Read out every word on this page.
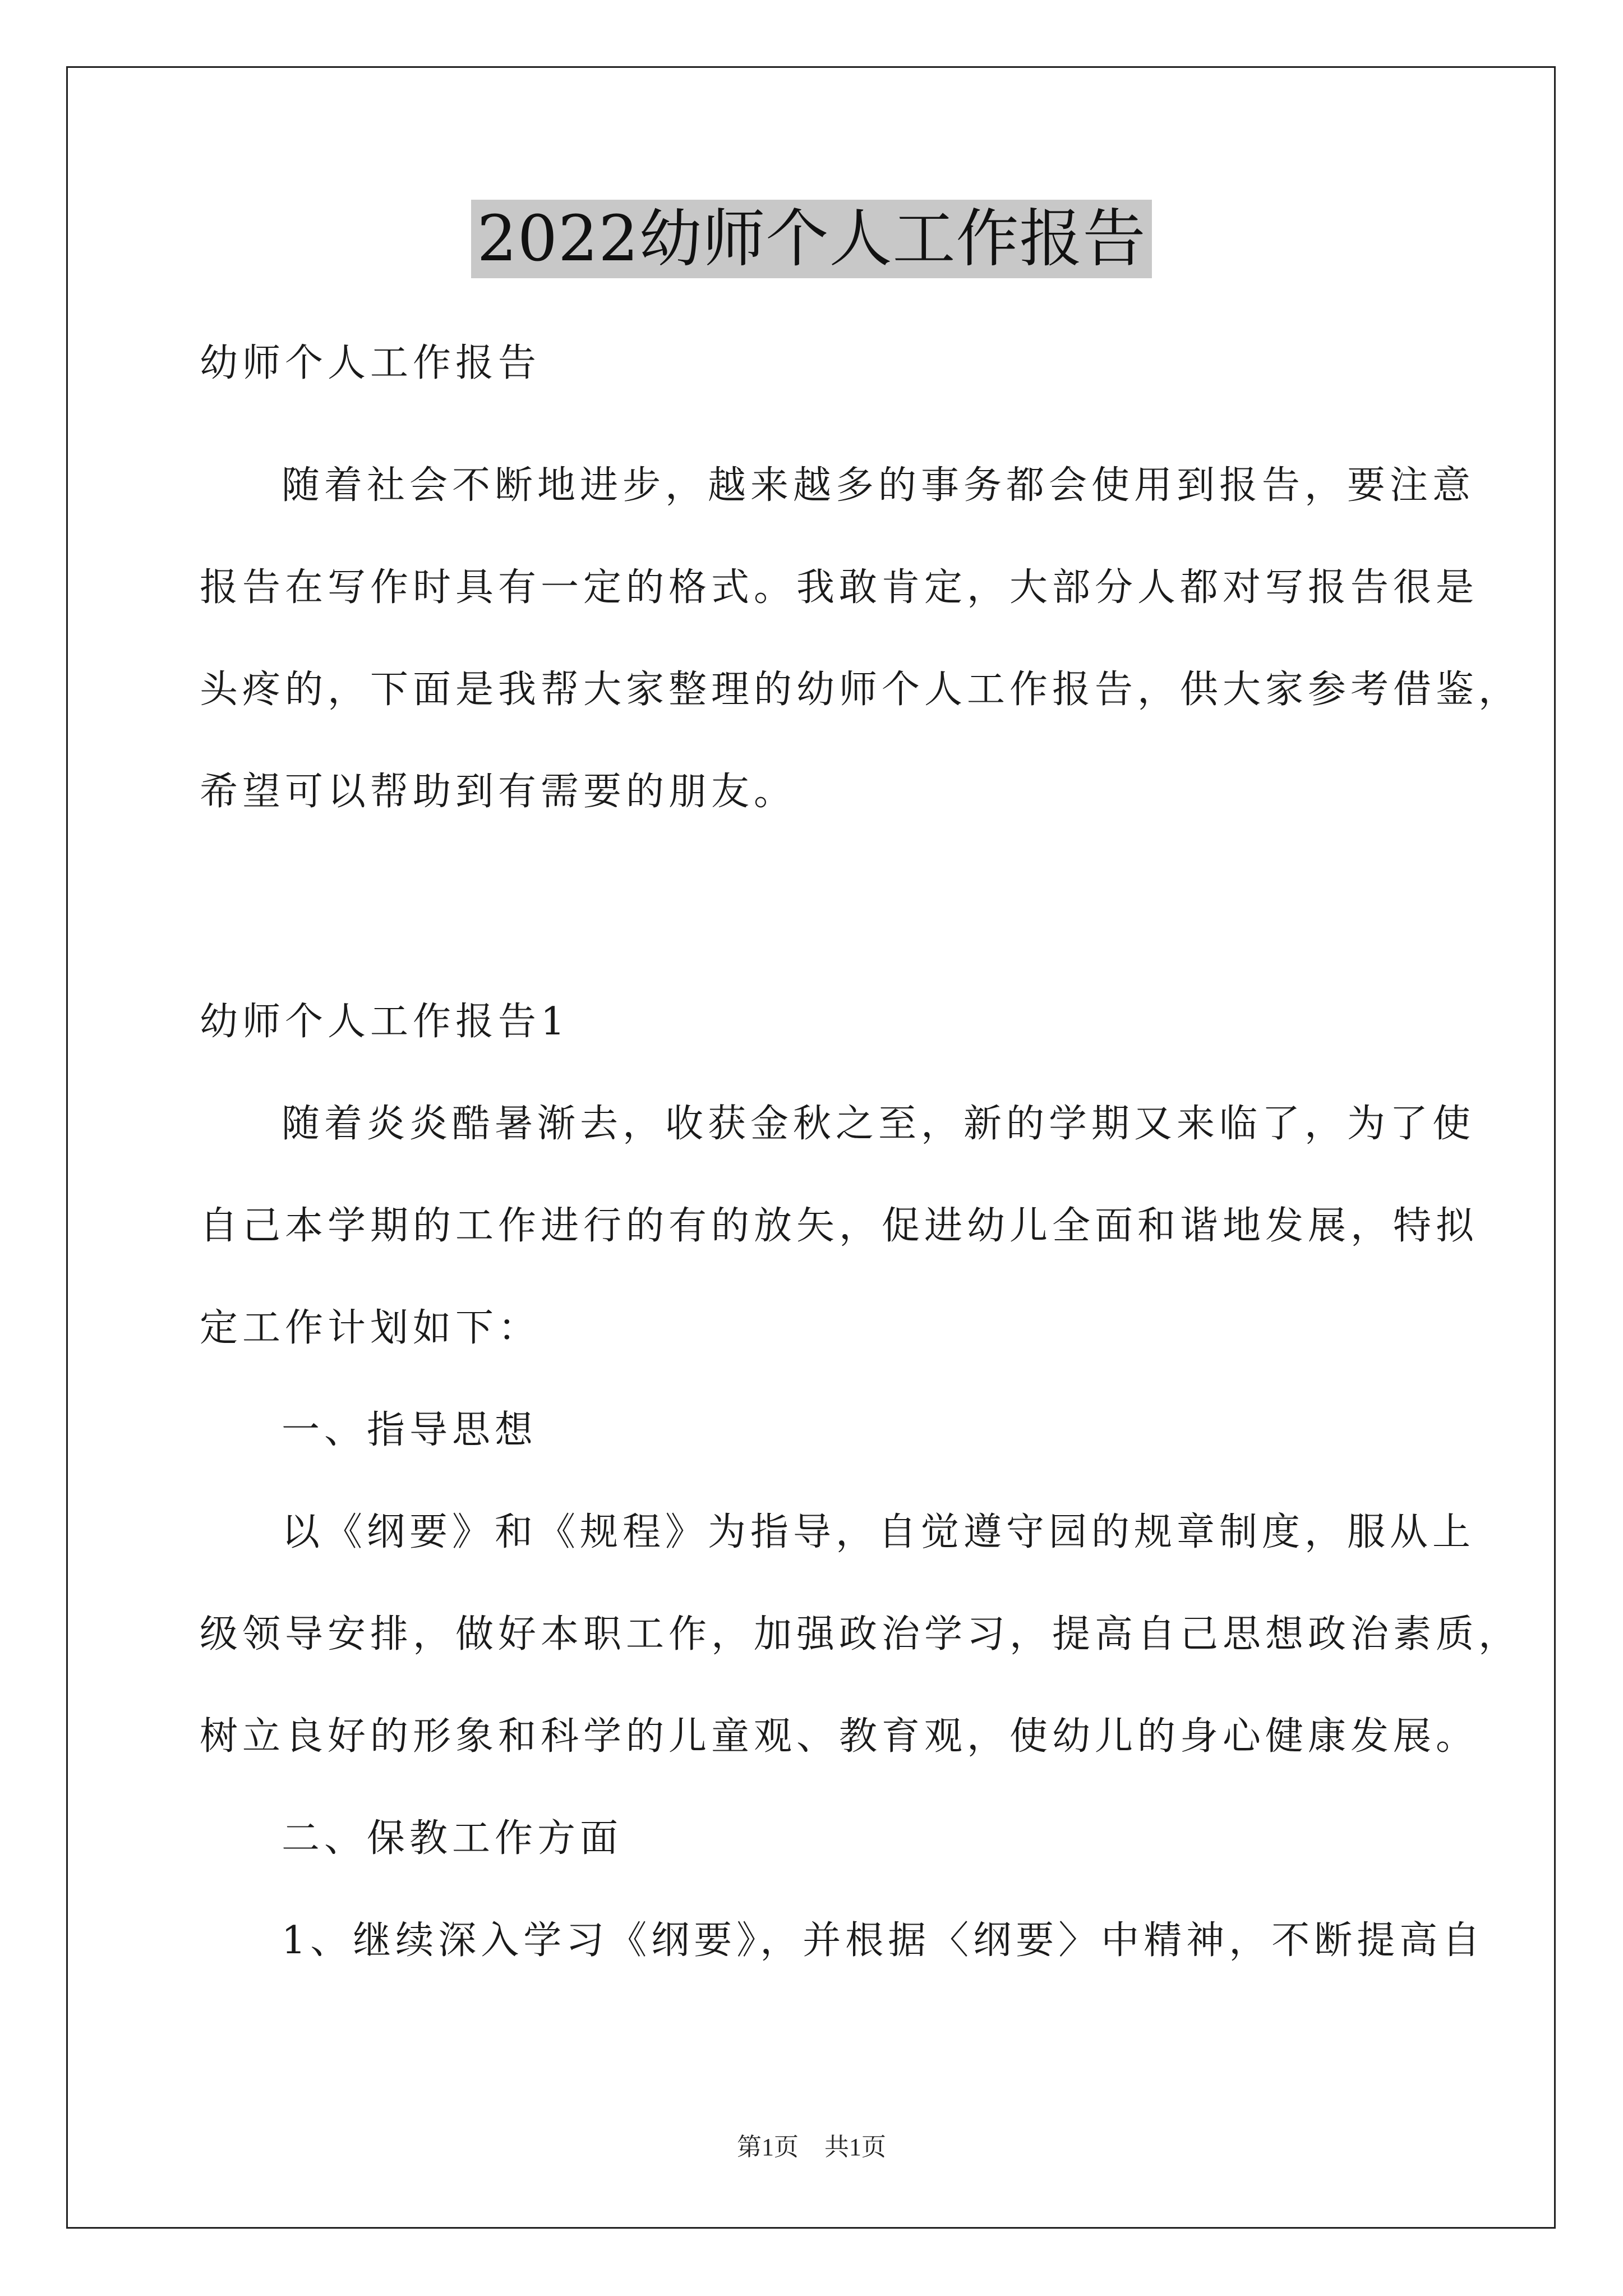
2022幼师个人工作报告
幼师个人工作报告
随着社会不断地进步，越来越多的事务都会使用到报告，要注意
报告在写作时具有一定的格式。我敢肯定，大部分人都对写报告很是
头疼的，下面是我帮大家整理的幼师个人工作报告，供大家参考借鉴，
希望可以帮助到有需要的朋友。
幼师个人工作报告1
随着炎炎酷暑渐去，收获金秋之至，新的学期又来临了，为了使
自己本学期的工作进行的有的放矢，促进幼儿全面和谐地发展，特拟
定工作计划如下：
一、指导思想
以《纲要》和《规程》为指导，自觉遵守园的规章制度，服从上
级领导安排，做好本职工作，加强政治学习，提高自己思想政治素质，
树立良好的形象和科学的儿童观、教育观，使幼儿的身心健康发展。
二、保教工作方面
1、继续深入学习《纲要》，并根据〈纲要〉中精神，不断提高自
第1页 共1页
